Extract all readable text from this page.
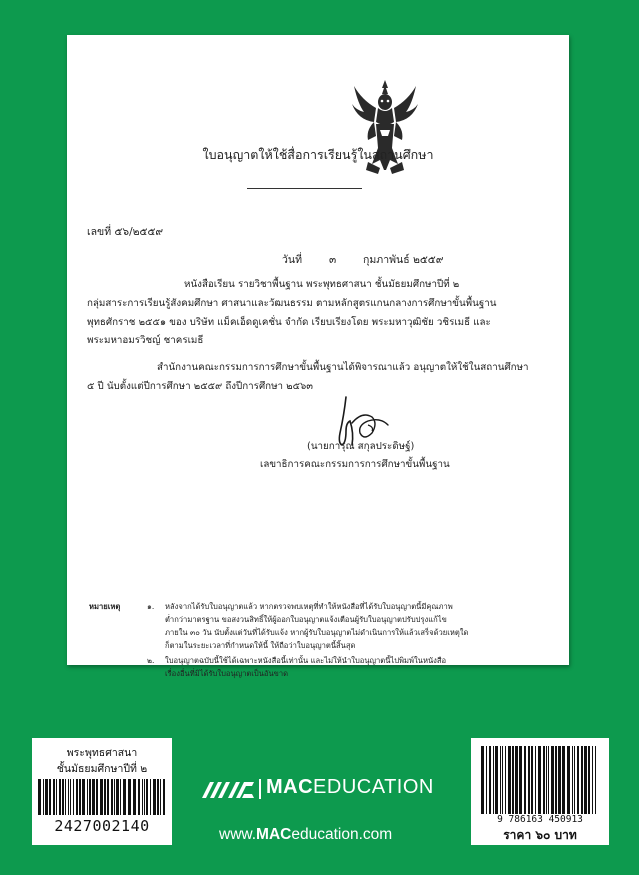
ใบอนุญาตให้ใช้สื่อการเรียนรู้ในสถานศึกษา
เลขที่ ๕๖/๒๕๕๙
วันที่	๓	กุมภาพันธ์ ๒๕๕๙
หนังสือเรียน รายวิชาพื้นฐาน พระพุทธศาสนา ชั้นมัธยมศึกษาปีที่ ๒
กลุ่มสาระการเรียนรู้สังคมศึกษา ศาสนาและวัฒนธรรม ตามหลักสูตรแกนกลางการศึกษาขั้นพื้นฐาน
พุทธศักราช ๒๕๕๑ ของ บริษัท แม็คเอ็ดดูเคชั่น จำกัด เรียบเรียงโดย พระมหาวุฒิชัย วชิรเมธี และ
พระมหาอมรวิชญ์ ชาครเมธี
สำนักงานคณะกรรมการการศึกษาขั้นพื้นฐานได้พิจารณาแล้ว อนุญาตให้ใช้ในสถานศึกษา
๕ ปี นับตั้งแต่ปีการศึกษา ๒๕๕๙ ถึงปีการศึกษา ๒๕๖๓
(นายการุณ สกุลประดิษฐ์)
เลขาธิการคณะกรรมการการศึกษาขั้นพื้นฐาน
หมายเหตุ	๑. หลังจากได้รับใบอนุญาตแล้ว หากตรวจพบเหตุที่ทำให้หนังสือที่ได้รับใบอนุญาตนี้มีคุณภาพ
ต่ำกว่ามาตรฐาน ขอสงวนสิทธิ์ให้ผู้ออกใบอนุญาตแจ้งเตือนผู้รับใบอนุญาตปรับปรุงแก้ไข
ภายใน ๓๐ วัน นับตั้งแต่วันที่ได้รับแจ้ง หากผู้รับใบอนุญาตไม่ดำเนินการให้แล้วเสร็จด้วยเหตุใด
ก็ตามในระยะเวลาที่กำหนดให้นี้ ให้ถือว่าใบอนุญาตนี้สิ้นสุด
๒. ใบอนุญาตฉบับนี้ใช้ได้เฉพาะหนังสือนี้เท่านั้น และไม่ให้นำใบอนุญาตนี้ไปพิมพ์ในหนังสือ
เรื่องอื่นที่มิได้รับใบอนุญาตเป็นอันขาด
พระพุทธศาสนา
ชั้นมัธยมศึกษาปีที่ ๒
2427002140
MACEDUCATION
www.MACeducation.com
9 786163 450913
ราคา ๖๐ บาท
